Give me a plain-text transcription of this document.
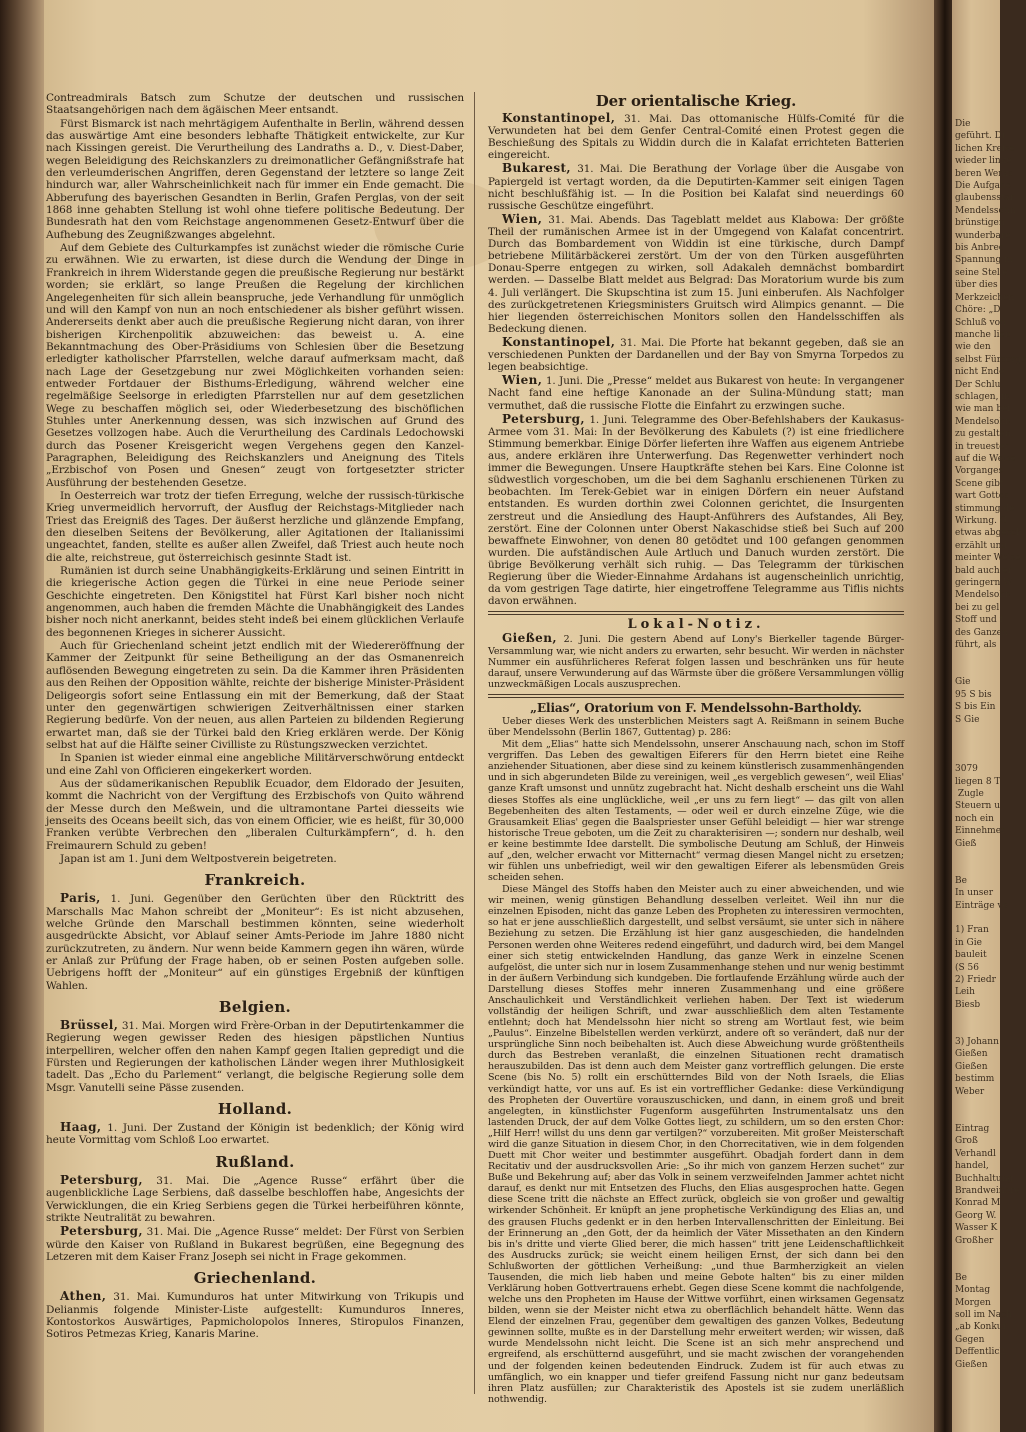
Contreadmirals Batsch zum Schutze der deutschen und russischen Staatsangehörigen nach dem ägäischen Meer entsandt.

Fürst Bismarck ist nach mehrtägigem Aufenthalte in Berlin, während dessen das auswärtige Amt eine besonders lebhafte Thätigkeit entwickelte, zur Kur nach Kissingen gereist. Die Verurtheilung des Landraths a. D., v. Diest-Daber, wegen Beleidigung des Reichskanzlers zu dreimonatlicher Gefängnißstrafe hat den verleumderischen Angriffen, deren Gegenstand der letztere so lange Zeit hindurch war, aller Wahrscheinlichkeit nach für immer ein Ende gemacht. Die Abberufung des bayerischen Gesandten in Berlin, Grafen Perglas, von der seit 1868 inne gehabten Stellung ist wohl ohne tiefere politische Bedeutung. Der Bundesrath hat den vom Reichstage angenommenen Gesetz-Entwurf über die Aufhebung des Zeugnißzwanges abgelehnt.

Auf dem Gebiete des Culturkampfes ist zunächst wieder die römische Curie zu erwähnen. Wie zu erwarten, ist diese durch die Wendung der Dinge in Frankreich in ihrem Widerstande gegen die preußische Regierung nur bestärkt worden; sie erklärt, so lange Preußen die Regelung der kirchlichen Angelegenheiten für sich allein beanspruche, jede Verhandlung für unmöglich und will den Kampf von nun an noch entschiedener als bisher geführt wissen. Andererseits denkt aber auch die preußische Regierung nicht daran, von ihrer bisherigen Kirchenpolitik abzuweichen: das beweist u. A. eine Bekanntmachung des Ober-Präsidiums von Schlesien über die Besetzung erledigter katholischer Pfarrstellen, welche darauf aufmerksam macht, daß nach Lage der Gesetzgebung nur zwei Möglichkeiten vorhanden seien: entweder Fortdauer der Bisthums-Erledigung, während welcher eine regelmäßige Seelsorge in erledigten Pfarrstellen nur auf dem gesetzlichen Wege zu beschaffen möglich sei, oder Wiederbesetzung des bischöflichen Stuhles unter Anerkennung dessen, was sich inzwischen auf Grund des Gesetzes vollzogen habe. Auch die Verurtheilung des Cardinals Ledochowski durch das Posener Kreisgericht wegen Vergehens gegen den Kanzel-Paragraphen, Beleidigung des Reichskanzlers und Aneignung des Titels „Erzbischof von Posen und Gnesen“ zeugt von fortgesetzter stricter Ausführung der bestehenden Gesetze.

In Oesterreich war trotz der tiefen Erregung, welche der russisch-türkische Krieg unvermeidlich hervorruft, der Ausflug der Reichstags-Mitglieder nach Triest das Ereigniß des Tages. Der äußerst herzliche und glänzende Empfang, den dieselben Seitens der Bevölkerung, aller Agitationen der Italianissimi ungeachtet, fanden, stellte es außer allen Zweifel, daß Triest auch heute noch die alte, reichstreue, gut österreichisch gesinnte Stadt ist.

Rumänien ist durch seine Unabhängigkeits-Erklärung und seinen Eintritt in die kriegerische Action gegen die Türkei in eine neue Periode seiner Geschichte eingetreten. Den Königstitel hat Fürst Karl bisher noch nicht angenommen, auch haben die fremden Mächte die Unabhängigkeit des Landes bisher noch nicht anerkannt, beides steht indeß bei einem glücklichen Verlaufe des begonnenen Krieges in sicherer Aussicht.

Auch für Griechenland scheint jetzt endlich mit der Wiedereröffnung der Kammer der Zeitpunkt für seine Betheiligung an der das Osmanenreich auflösenden Bewegung eingetreten zu sein. Da die Kammer ihren Präsidenten aus den Reihen der Opposition wählte, reichte der bisherige Minister-Präsident Deligeorgis sofort seine Entlassung ein mit der Bemerkung, daß der Staat unter den gegenwärtigen schwierigen Zeitverhältnissen einer starken Regierung bedürfe. Von der neuen, aus allen Parteien zu bildenden Regierung erwartet man, daß sie der Türkei bald den Krieg erklären werde. Der König selbst hat auf die Hälfte seiner Civilliste zu Rüstungszwecken verzichtet.

In Spanien ist wieder einmal eine angebliche Militärverschwörung entdeckt und eine Zahl von Officieren eingekerkert worden.

Aus der südamerikanischen Republik Ecuador, dem Eldorado der Jesuiten, kommt die Nachricht von der Vergiftung des Erzbischofs von Quito während der Messe durch den Meßwein, und die ultramontane Partei diesseits wie jenseits des Oceans beeilt sich, das von einem Officier, wie es heißt, für 30,000 Franken verübte Verbrechen den „liberalen Culturkämpfern“, d. h. den Freimaurern Schuld zu geben!

Japan ist am 1. Juni dem Weltpostverein beigetreten.

Frankreich.

Paris, 1. Juni. Gegenüber den Gerüchten über den Rücktritt des Marschalls Mac Mahon schreibt der „Moniteur“: Es ist nicht abzusehen, welche Gründe den Marschall bestimmen könnten, seine wiederholt ausgedrückte Absicht, vor Ablauf seiner Amts-Periode im Jahre 1880 nicht zurückzutreten, zu ändern. Nur wenn beide Kammern gegen ihn wären, würde er Anlaß zur Prüfung der Frage haben, ob er seinen Posten aufgeben solle. Uebrigens hofft der „Moniteur“ auf ein günstiges Ergebniß der künftigen Wahlen.

Belgien.

Brüssel, 31. Mai. Morgen wird Frère-Orban in der Deputirtenkammer die Regierung wegen gewisser Reden des hiesigen päpstlichen Nuntius interpelliren, welcher offen den nahen Kampf gegen Italien gepredigt und die Fürsten und Regierungen der katholischen Länder wegen ihrer Muthlosigkeit tadelt. Das „Echo du Parlement“ verlangt, die belgische Regierung solle dem Msgr. Vanutelli seine Pässe zusenden.

Holland.

Haag, 1. Juni. Der Zustand der Königin ist bedenklich; der König wird heute Vormittag vom Schloß Loo erwartet.

Rußland.

Petersburg, 31. Mai. Die „Agence Russe“ erfährt über die augenblickliche Lage Serbiens, daß dasselbe beschloffen habe, Angesichts der Verwicklungen, die ein Krieg Serbiens gegen die Türkei herbeiführen könnte, strikte Neutralität zu bewahren.

Petersburg, 31. Mai. Die „Agence Russe“ meldet: Der Fürst von Serbien würde den Kaiser von Rußland in Bukarest begrüßen, eine Begegnung des Letzeren mit dem Kaiser Franz Joseph sei nicht in Frage gekommen.

Griechenland.

Athen, 31. Mai. Kumunduros hat unter Mitwirkung von Trikupis und Delianmis folgende Minister-Liste aufgestellt: Kumunduros Inneres, Kontostorkos Auswärtiges, Papmicholopolos Inneres, Stiropulos Finanzen, Sotiros Petmezas Krieg, Kanaris Marine.

Der orientalische Krieg.

Konstantinopel, 31. Mai. Das ottomanische Hülfs-Comité für die Verwundeten hat bei dem Genfer Central-Comité einen Protest gegen die Beschießung des Spitals zu Widdin durch die in Kalafat errichteten Batterien eingereicht.

Bukarest, 31. Mai. Die Berathung der Vorlage über die Ausgabe von Papiergeld ist vertagt worden, da die Deputirten-Kammer seit einigen Tagen nicht beschlußfähig ist. — In die Position bei Kalafat sind neuerdings 60 russische Geschütze eingeführt.

Wien, 31. Mai. Abends. Das Tageblatt meldet aus Klabowa: Der größte Theil der rumänischen Armee ist in der Umgegend von Kalafat concentrirt. Durch das Bombardement von Widdin ist eine türkische, durch Dampf betriebene Militärbäckerei zerstört. Um der von den Türken ausgeführten Donau-Sperre entgegen zu wirken, soll Adakaleh demnächst bombardirt werden. — Dasselbe Blatt meldet aus Belgrad: Das Moratorium wurde bis zum 4. Juli verlängert. Die Skupschtina ist zum 15. Juni einberufen. Als Nachfolger des zurückgetretenen Kriegsministers Gruitsch wird Alimpics genannt. — Die hier liegenden österreichischen Monitors sollen den Handelsschiffen als Bedeckung dienen.

Konstantinopel, 31. Mai. Die Pforte hat bekannt gegeben, daß sie an verschiedenen Punkten der Dardanellen und der Bay von Smyrna Torpedos zu legen beabsichtige.

Wien, 1. Juni. Die „Presse“ meldet aus Bukarest von heute: In vergangener Nacht fand eine heftige Kanonade an der Sulina-Mündung statt; man vermuthet, daß die russische Flotte die Einfahrt zu erzwingen suche.

Petersburg, 1. Juni. Telegramme des Ober-Befehlshabers der Kaukasus-Armee vom 31. Mai: In der Bevölkerung des Kabulets (?) ist eine friedlichere Stimmung bemerkbar. Einige Dörfer lieferten ihre Waffen aus eigenem Antriebe aus, andere erklären ihre Unterwerfung. Das Regenwetter verhindert noch immer die Bewegungen. Unsere Hauptkräfte stehen bei Kars. Eine Colonne ist südwestlich vorgeschoben, um die bei dem Saghanlu erschienenen Türken zu beobachten. Im Terek-Gebiet war in einigen Dörfern ein neuer Aufstand entstanden. Es wurden dorthin zwei Colonnen gerichtet, die Insurgenten zerstreut und die Ansiedlung des Haupt-Anführers des Aufstandes, Ali Bey, zerstört. Eine der Colonnen unter Oberst Nakaschidse stieß bei Such auf 200 bewaffnete Einwohner, von denen 80 getödtet und 100 gefangen genommen wurden. Die aufständischen Aule Artluch und Danuch wurden zerstört. Die übrige Bevölkerung verhält sich ruhig. — Das Telegramm der türkischen Regierung über die Wieder-Einnahme Ardahans ist augenscheinlich unrichtig, da vom gestrigen Tage datirte, hier eingetroffene Telegramme aus Tiflis nichts davon erwähnen.

Lokal-Notiz.

Gießen, 2. Juni. Die gestern Abend auf Lony's Bierkeller tagende Bürger-Versammlung war, wie nicht anders zu erwarten, sehr besucht. Wir werden in nächster Nummer ein ausführlicheres Referat folgen lassen und beschränken uns für heute darauf, unsere Verwunderung auf das Wärmste über die größere Versammlungen völlig unzweckmäßigen Locals auszusprechen.

„Elias“, Oratorium von F. Mendelssohn-Bartholdy.

Ueber dieses Werk des unsterblichen Meisters sagt A. Reißmann in seinem Buche über Mendelssohn (Berlin 1867, Guttentag) p. 286:

Mit dem „Elias“ hatte sich Mendelssohn, unserer Anschauung nach, schon im Stoff vergriffen. Das Leben des gewaltigen Eiferers für den Herrn bietet eine Reihe anziehender Situationen, aber diese sind zu keinem künstlerisch zusammenhängenden und in sich abgerundeten Bilde zu vereinigen, weil „es vergeblich gewesen“, weil Elias' ganze Kraft umsonst und unnütz zugebracht hat. Nicht deshalb erscheint uns die Wahl dieses Stoffes als eine unglückliche, weil „er uns zu fern liegt“ — das gilt von allen Begebenheiten des alten Testaments, — oder weil er durch einzelne Züge, wie die Grausamkeit Elias' gegen die Baalspriester unser Gefühl beleidigt — hier war strenge historische Treue geboten, um die Zeit zu charakterisiren —; sondern nur deshalb, weil er keine bestimmte Idee darstellt. Die symbolische Deutung am Schluß, der Hinweis auf „den, welcher erwacht vor Mitternacht“ vermag diesen Mangel nicht zu ersetzen; wir fühlen uns unbefriedigt, weil wir den gewaltigen Eiferer als lebensmüden Greis scheiden sehen.

Diese Mängel des Stoffs haben den Meister auch zu einer abweichenden, und wie wir meinen, wenig günstigen Behandlung desselben verleitet. Weil ihn nur die einzelnen Episoden, nicht das ganze Leben des Propheten zu interessiren vermochten, so hat er jene ausschließlich dargestellt, und selbst versäumt, sie unter sich in nähere Beziehung zu setzen. Die Erzählung ist hier ganz ausgeschieden, die handelnden Personen werden ohne Weiteres redend eingeführt, und dadurch wird, bei dem Mangel einer sich stetig entwickelnden Handlung, das ganze Werk in einzelne Scenen aufgelöst, die unter sich nur in losem Zusammenhange stehen und nur wenig bestimmt in der äußern Verbindung sich kundgeben. Die fortlaufende Erzählung würde auch der Darstellung dieses Stoffes mehr inneren Zusammenhang und eine größere Anschaulichkeit und Verständlichkeit verliehen haben. Der Text ist wiederum vollständig der heiligen Schrift, und zwar ausschließlich dem alten Testamente entlehnt; doch hat Mendelssohn hier nicht so streng am Wortlaut fest, wie beim „Paulus“. Einzelne Bibelstellen werden verkürzt, andere oft so verändert, daß nur der ursprüngliche Sinn noch beibehalten ist. Auch diese Abweichung wurde größtentheils durch das Bestreben veranlaßt, die einzelnen Situationen recht dramatisch herauszubilden. Das ist denn auch dem Meister ganz vortrefflich gelungen. Die erste Scene (bis No. 5) rollt ein erschütterndes Bild von der Noth Israels, die Elias verkündigt hatte, vor uns auf. Es ist ein vortrefflicher Gedanke: diese Verkündigung des Propheten der Ouvertüre vorauszuschicken, und dann, in einem groß und breit angelegten, in künstlichster Fugenform ausgeführten Instrumentalsatz uns den lastenden Druck, der auf dem Volke Gottes liegt, zu schildern, um so den ersten Chor: „Hilf Herr! willst du uns denn gar vertilgen?“ vorzubereiten. Mit großer Meisterschaft wird die ganze Situation in diesem Chor, in den Chorrecitativen, wie in dem folgenden Duett mit Chor weiter und bestimmter ausgeführt. Obadjah fordert dann in dem Recitativ und der ausdrucksvollen Arie: „So ihr mich von ganzem Herzen suchet“ zur Buße und Bekehrung auf; aber das Volk in seinem verzweifelnden Jammer achtet nicht darauf, es denkt nur mit Entsetzen des Fluchs, den Elias ausgesprochen hatte. Gegen diese Scene tritt die nächste an Effect zurück, obgleich sie von großer und gewaltig wirkender Schönheit. Er knüpft an jene prophetische Verkündigung des Elias an, und des grausen Fluchs gedenkt er in den herben Intervallenschritten der Einleitung. Bei der Erinnerung an „den Gott, der da heimlich der Väter Missethaten an den Kindern bis in's dritte und vierte Glied berer, die mich hassen“ tritt jene Leidenschaftlichkeit des Ausdrucks zurück; sie weicht einem heiligen Ernst, der sich dann bei den Schlußworten der göttlichen Verheißung: „und thue Barmherzigkeit an vielen Tausenden, die mich lieb haben und meine Gebote halten“ bis zu einer milden Verklärung hoben Gottvertrauens erhebt. Gegen diese Scene kommt die nachfolgende, welche uns den Propheten im Hause der Wittwe vorführt, einen wirksamen Gegensatz bilden, wenn sie der Meister nicht etwa zu oberflächlich behandelt hätte. Wenn das Elend der einzelnen Frau, gegenüber dem gewaltigen des ganzen Volkes, Bedeutung gewinnen sollte, mußte es in der Darstellung mehr erweitert werden; wir wissen, daß wurde Mendelssohn nicht leicht. Die Scene ist an sich mehr ansprechend und ergreifend, als erschütternd ausgeführt, und sie macht zwischen der vorangehenden und der folgenden keinen bedeutenden Eindruck. Zudem ist für auch etwas zu umfänglich, wo ein knapper und tiefer greifend Fassung nicht nur ganz bedeutsam ihren Platz ausfüllen; zur Charakteristik des Apostels ist sie zudem unerläßlich nothwendig.

Die
geführt. Di
lichen Kreise
wieder linke
beren Werks
Die Aufgabe
glaubensstar
Mendelssohn
brünstigen
wunderbare
bis Anbrec
Spannung in
seine Stelle
über dies
Merkzeichen
Chöre: „D
Schluß von
manche lieb
wie den
selbst Fürsorge
nicht Ende
Der Schlu
schlagen, in
wie man bei
Mendelsohn
zu gestalten,
in treuester
auf die Weise
Vorganges
Scene gibt
wart Gottes
stimmung de
Wirkung. G
etwas abgesch
erzählt und
meinter Weise
bald auch er
geringern W
Mendelsohn
bei zu gel
Stoff und f
des Ganzen
führt, als

Gie
95 S bis
S bis Ein
S Gie

3079
liegen 8 T
Zugle
Steuern u
noch ein
Einnehmer
Gieß

Be
In unser
Einträge vo

1) Fran
in Gie
bauleit
(S 56
2) Friedr
Leih
Biesb

3) Johann
Gießen
Gießen
bestimm
Weber

Eintrag
Groß
Verhandl
handel,
Buchhaltung
Brandweinbre
Konrad M.
Georg W.
Wasser K
Großher

Be
Montag
Morgen
soll im Nach
„ab Konkur
Gegen
Deffentlich
Gießen
